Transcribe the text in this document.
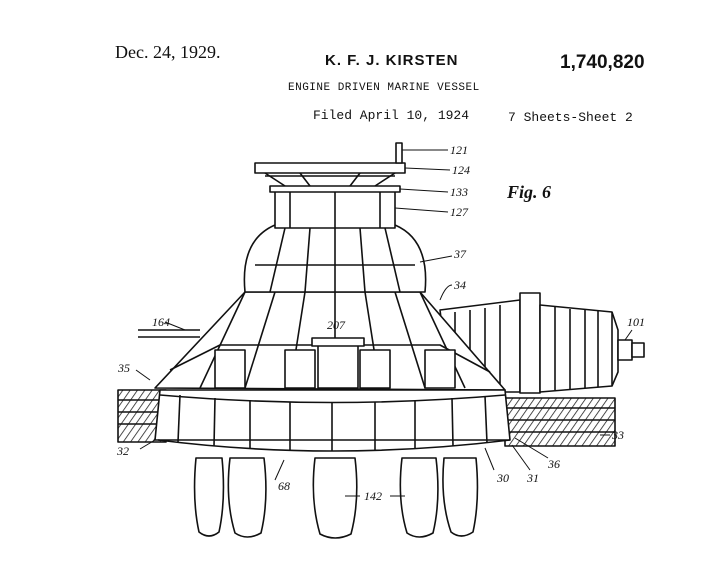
Dec. 24, 1929.	K. F. J. KIRSTEN	1,740,820
ENGINE DRIVEN MARINE VESSEL
Filed April 10, 1924	7 Sheets-Sheet 2
Fig. 6
121
124
133
127
37
34
164	207	101
35
33
32
68
142
30 31
36
